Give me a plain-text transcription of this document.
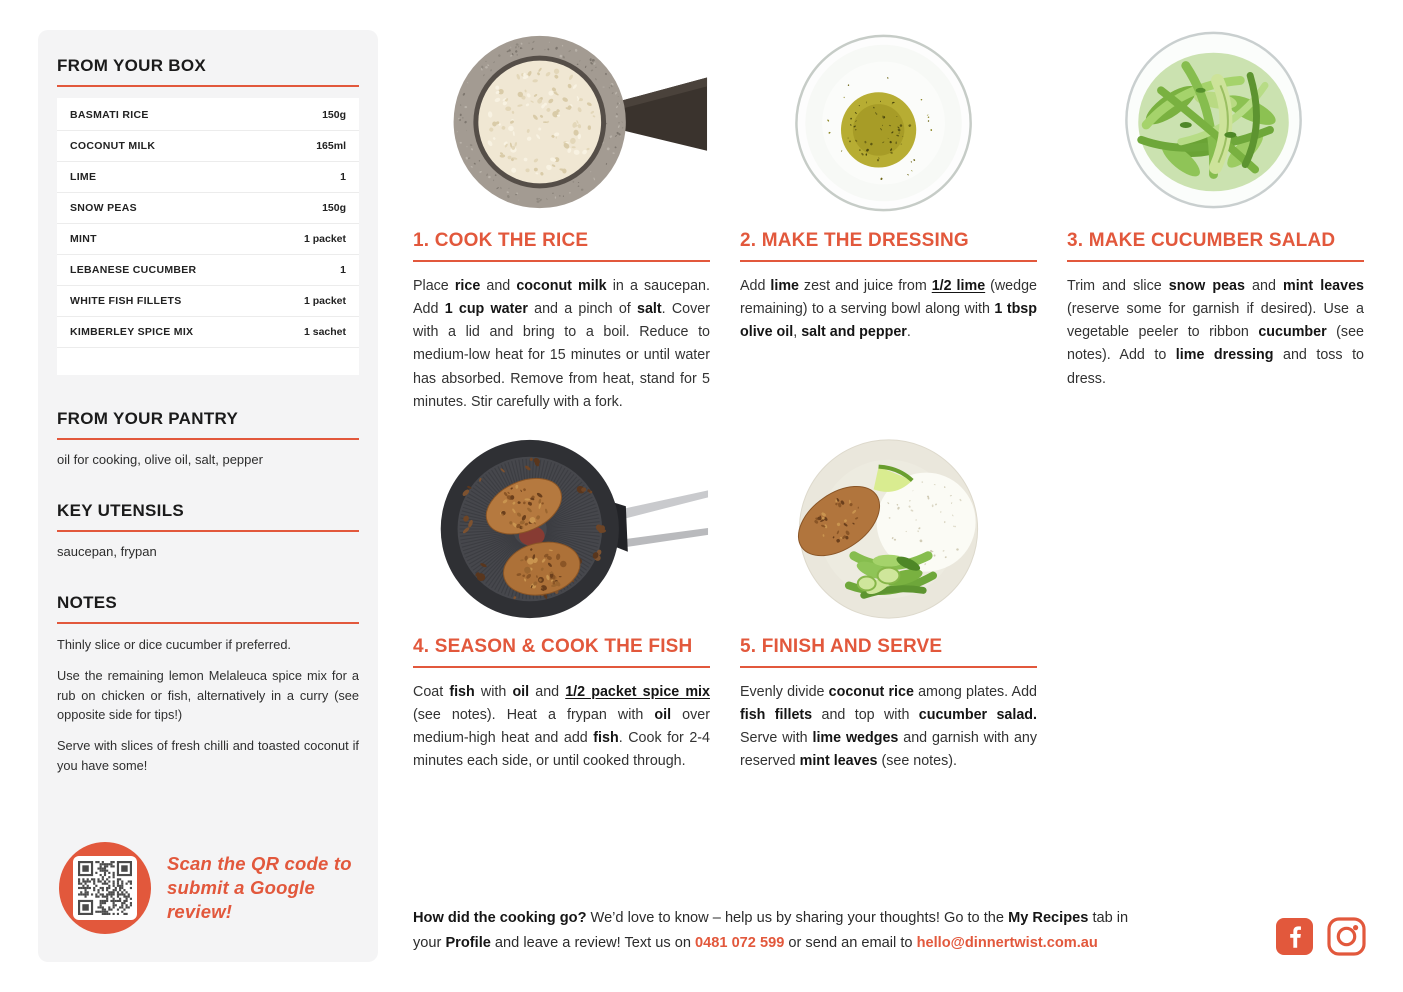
FROM YOUR BOX
BASMATI RICE	150g
COCONUT MILK	165ml
LIME	1
SNOW PEAS	150g
MINT	1 packet
LEBANESE CUCUMBER	1
WHITE FISH FILLETS	1 packet
KIMBERLEY SPICE MIX	1 sachet
FROM YOUR PANTRY
oil for cooking, olive oil, salt, pepper
KEY UTENSILS
saucepan, frypan
NOTES

Thinly slice or dice cucumber if preferred.

Use the remaining lemon Melaleuca spice mix for a rub on chicken or fish, alternatively in a curry (see opposite side for tips!)

Serve with slices of fresh chilli and toasted coconut if you have some!

Scan the QR code to
submit a Google review!
1. COOK THE RICE

Place rice and coconut milk in a saucepan. Add 1 cup water and a pinch of salt. Cover with a lid and bring to a boil. Reduce to medium-low heat for 15 minutes or until water has absorbed. Remove from heat, stand for 5 minutes. Stir carefully with a fork.

2. MAKE THE DRESSING

Add lime zest and juice from 1/2 lime (wedge remaining) to a serving bowl along with 1 tbsp olive oil, salt and pepper.

3. MAKE CUCUMBER SALAD

Trim and slice snow peas and mint leaves (reserve some for garnish if desired). Use a vegetable peeler to ribbon cucumber (see notes). Add to lime dressing and toss to dress.

4. SEASON & COOK THE FISH

Coat fish with oil and 1/2 packet spice mix (see notes). Heat a frypan with oil over medium-high heat and add fish. Cook for 2-4 minutes each side, or until cooked through.

5. FINISH AND SERVE

Evenly divide coconut rice among plates. Add fish fillets and top with cucumber salad. Serve with lime wedges and garnish with any reserved mint leaves (see notes).

How did the cooking go? We’d love to know – help us by sharing your thoughts! Go to the My Recipes tab in
your Profile and leave a review! Text us on 0481 072 599 or send an email to hello@dinnertwist.com.au
